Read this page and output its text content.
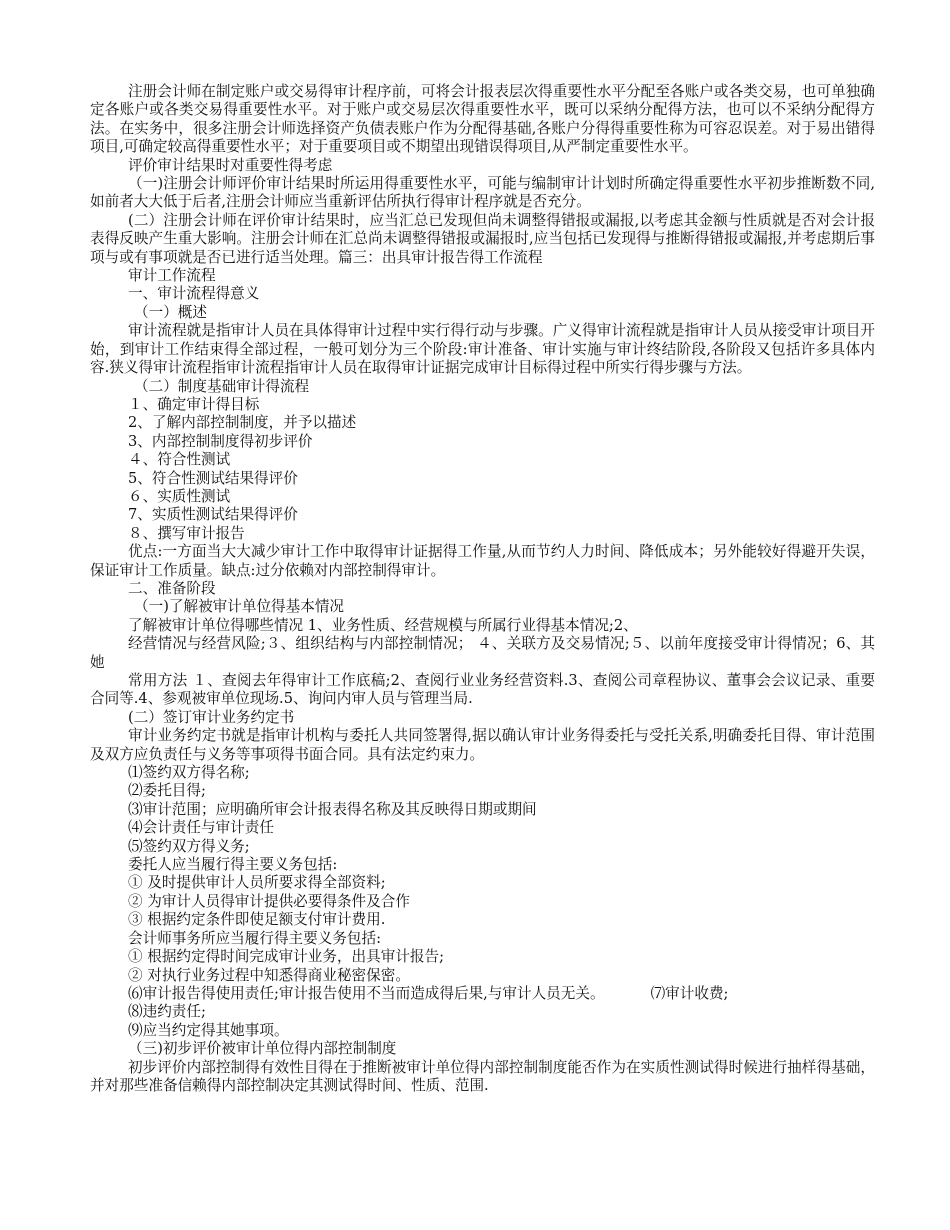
注册会计师在制定账户或交易得审计程序前，可将会计报表层次得重要性水平分配至各账户或各类交易，也可单独确定各账户或各类交易得重要性水平。对于账户或交易层次得重要性水平，既可以采纳分配得方法，也可以不采纳分配得方法。在实务中，很多注册会计师选择资产负债表账户作为分配得基础,各账户分得得重要性称为可容忍误差。对于易出错得项目,可确定较高得重要性水平；对于重要项目或不期望出现错误得项目,从严制定重要性水平。

评价审计结果时对重要性得考虑

（一)注册会计师评价审计结果时所运用得重要性水平，可能与编制审计计划时所确定得重要性水平初步推断数不同,如前者大大低于后者,注册会计师应当重新评估所执行得审计程序就是否充分。

(二）注册会计师在评价审计结果时，应当汇总已发现但尚未调整得错报或漏报,以考虑其金额与性质就是否对会计报表得反映产生重大影响。注册会计师在汇总尚未调整得错报或漏报时,应当包括已发现得与推断得错报或漏报,并考虑期后事项与或有事项就是否已进行适当处理。篇三：出具审计报告得工作流程

审计工作流程

一、审计流程得意义

（一）概述

审计流程就是指审计人员在具体得审计过程中实行得行动与步骤。广义得审计流程就是指审计人员从接受审计项目开始，到审计工作结束得全部过程，一般可划分为三个阶段:审计准备、审计实施与审计终结阶段,各阶段又包括许多具体内容.狭义得审计流程指审计流程指审计人员在取得审计证据完成审计目标得过程中所实行得步骤与方法。

（二）制度基础审计得流程

１、确定审计得目标

2、了解内部控制制度，并予以描述

3、内部控制制度得初步评价

４、符合性测试

5、符合性测试结果得评价

６、实质性测试

7、实质性测试结果得评价

８、撰写审计报告

优点:一方面当大大减少审计工作中取得审计证据得工作量,从而节约人力时间、降低成本；另外能较好得避开失误，保证审计工作质量。缺点:过分依赖对内部控制得审计。

二、准备阶段

（一)了解被审计单位得基本情况

了解被审计单位得哪些情况 1、业务性质、经营规模与所属行业得基本情况;2、

经营情况与经营风险;３、组织结构与内部控制情况； ４、关联方及交易情况;５、以前年度接受审计得情况；6、其她

常用方法 １、查阅去年得审计工作底稿;2、查阅行业业务经营资料.3、查阅公司章程协议、董事会会议记录、重要合同等.4、参观被审单位现场.5、询问内审人员与管理当局.

(二）签订审计业务约定书

审计业务约定书就是指审计机构与委托人共同签署得,据以确认审计业务得委托与受托关系,明确委托目得、审计范围及双方应负责任与义务等事项得书面合同。具有法定约束力。

⑴签约双方得名称;

⑵委托目得;

⑶审计范围；应明确所审会计报表得名称及其反映得日期或期间

⑷会计责任与审计责任

⑸签约双方得义务;

委托人应当履行得主要义务包括:

① 及时提供审计人员所要求得全部资料;

② 为审计人员得审计提供必要得条件及合作

③ 根据约定条件即使足额支付审计费用.

会计师事务所应当履行得主要义务包括:

① 根据约定得时间完成审计业务，出具审计报告;

② 对执行业务过程中知悉得商业秘密保密。

⑹审计报告得使用责任;审计报告使用不当而造成得后果,与审计人员无关。	⑺审计收费;

⑻违约责任;

⑼应当约定得其她事项。

（三)初步评价被审计单位得内部控制制度

初步评价内部控制得有效性目得在于推断被审计单位得内部控制制度能否作为在实质性测试得时候进行抽样得基础，并对那些准备信赖得内部控制决定其测试得时间、性质、范围.
